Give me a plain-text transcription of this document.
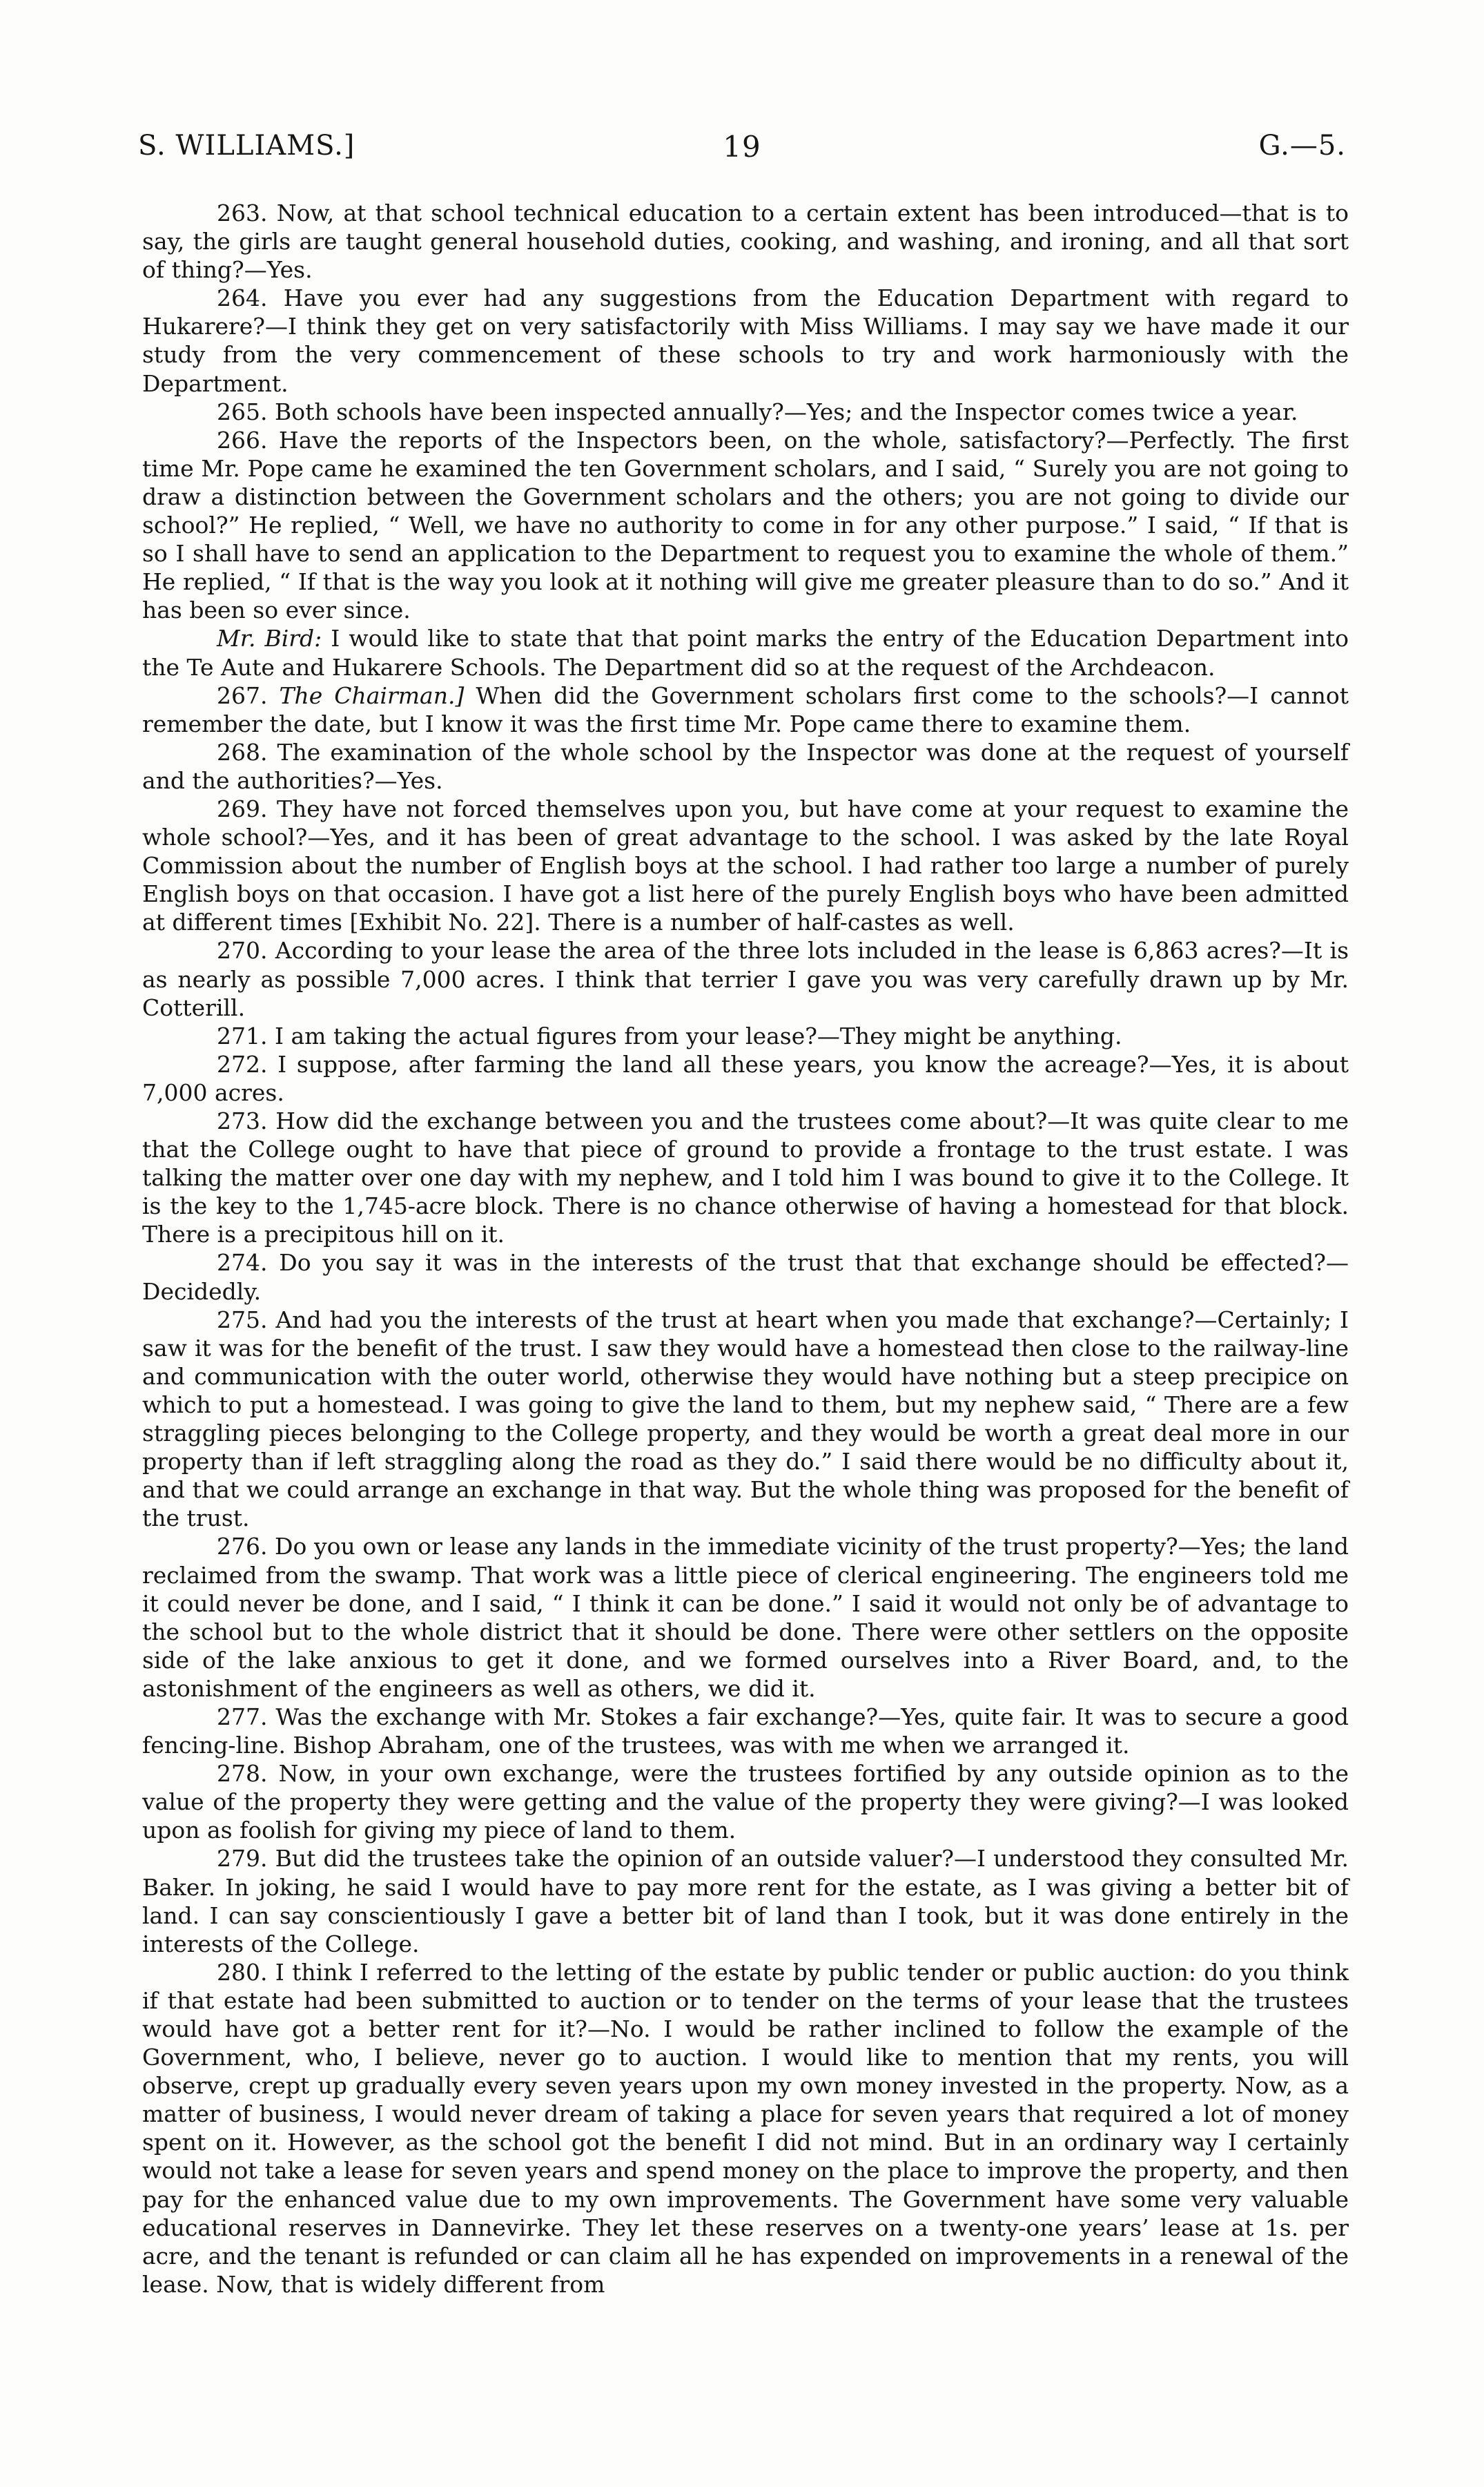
S. WILLIAMS.]	19	G.—5.

263. Now, at that school technical education to a certain extent has been introduced—that is to say, the girls are taught general household duties, cooking, and washing, and ironing, and all that sort of thing?—Yes.

264. Have you ever had any suggestions from the Education Department with regard to Hukarere?—I think they get on very satisfactorily with Miss Williams. I may say we have made it our study from the very commencement of these schools to try and work harmoniously with the Department.

265. Both schools have been inspected annually?—Yes; and the Inspector comes twice a year.

266. Have the reports of the Inspectors been, on the whole, satisfactory?—Perfectly. The first time Mr. Pope came he examined the ten Government scholars, and I said, “ Surely you are not going to draw a distinction between the Government scholars and the others; you are not going to divide our school?” He replied, “ Well, we have no authority to come in for any other purpose.” I said, “ If that is so I shall have to send an application to the Department to request you to examine the whole of them.” He replied, “ If that is the way you look at it nothing will give me greater pleasure than to do so.” And it has been so ever since.

Mr. Bird: I would like to state that that point marks the entry of the Education Department into the Te Aute and Hukarere Schools. The Department did so at the request of the Archdeacon.

267. The Chairman.] When did the Government scholars first come to the schools?—I cannot remember the date, but I know it was the first time Mr. Pope came there to examine them.

268. The examination of the whole school by the Inspector was done at the request of yourself and the authorities?—Yes.

269. They have not forced themselves upon you, but have come at your request to examine the whole school?—Yes, and it has been of great advantage to the school. I was asked by the late Royal Commission about the number of English boys at the school. I had rather too large a number of purely English boys on that occasion. I have got a list here of the purely English boys who have been admitted at different times [Exhibit No. 22]. There is a number of half-castes as well.

270. According to your lease the area of the three lots included in the lease is 6,863 acres?—It is as nearly as possible 7,000 acres. I think that terrier I gave you was very carefully drawn up by Mr. Cotterill.

271. I am taking the actual figures from your lease?—They might be anything.

272. I suppose, after farming the land all these years, you know the acreage?—Yes, it is about 7,000 acres.

273. How did the exchange between you and the trustees come about?—It was quite clear to me that the College ought to have that piece of ground to provide a frontage to the trust estate. I was talking the matter over one day with my nephew, and I told him I was bound to give it to the College. It is the key to the 1,745-acre block. There is no chance otherwise of having a homestead for that block. There is a precipitous hill on it.

274. Do you say it was in the interests of the trust that that exchange should be effected?—Decidedly.

275. And had you the interests of the trust at heart when you made that exchange?—Certainly; I saw it was for the benefit of the trust. I saw they would have a homestead then close to the railway-line and communication with the outer world, otherwise they would have nothing but a steep precipice on which to put a homestead. I was going to give the land to them, but my nephew said, “ There are a few straggling pieces belonging to the College property, and they would be worth a great deal more in our property than if left straggling along the road as they do.” I said there would be no difficulty about it, and that we could arrange an exchange in that way. But the whole thing was proposed for the benefit of the trust.

276. Do you own or lease any lands in the immediate vicinity of the trust property?—Yes; the land reclaimed from the swamp. That work was a little piece of clerical engineering. The engineers told me it could never be done, and I said, “ I think it can be done.” I said it would not only be of advantage to the school but to the whole district that it should be done. There were other settlers on the opposite side of the lake anxious to get it done, and we formed ourselves into a River Board, and, to the astonishment of the engineers as well as others, we did it.

277. Was the exchange with Mr. Stokes a fair exchange?—Yes, quite fair. It was to secure a good fencing-line. Bishop Abraham, one of the trustees, was with me when we arranged it.

278. Now, in your own exchange, were the trustees fortified by any outside opinion as to the value of the property they were getting and the value of the property they were giving?—I was looked upon as foolish for giving my piece of land to them.

279. But did the trustees take the opinion of an outside valuer?—I understood they consulted Mr. Baker. In joking, he said I would have to pay more rent for the estate, as I was giving a better bit of land. I can say conscientiously I gave a better bit of land than I took, but it was done entirely in the interests of the College.

280. I think I referred to the letting of the estate by public tender or public auction: do you think if that estate had been submitted to auction or to tender on the terms of your lease that the trustees would have got a better rent for it?—No. I would be rather inclined to follow the example of the Government, who, I believe, never go to auction. I would like to mention that my rents, you will observe, crept up gradually every seven years upon my own money invested in the property. Now, as a matter of business, I would never dream of taking a place for seven years that required a lot of money spent on it. However, as the school got the benefit I did not mind. But in an ordinary way I certainly would not take a lease for seven years and spend money on the place to improve the property, and then pay for the enhanced value due to my own improvements. The Government have some very valuable educational reserves in Dannevirke. They let these reserves on a twenty-one years’ lease at 1s. per acre, and the tenant is refunded or can claim all he has expended on improvements in a renewal of the lease. Now, that is widely different from
